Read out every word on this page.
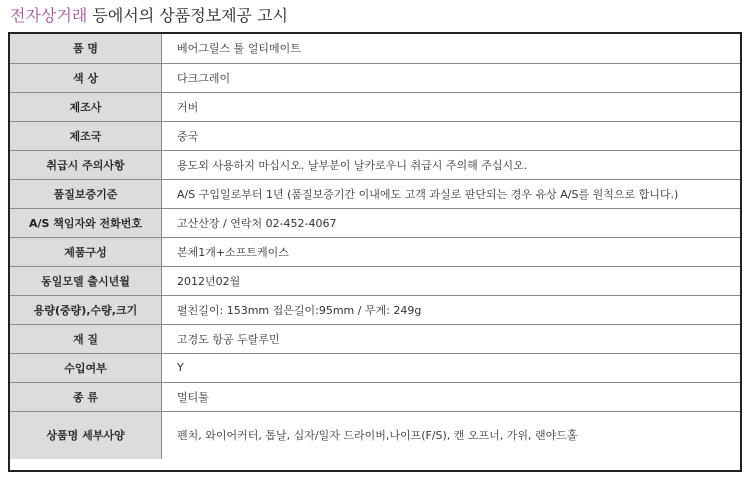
전자상거래 등에서의 상품정보제공 고시
품 명	베어그릴스 툴 얼티메이트
색 상	다크그레이
제조사	거버
제조국	중국
취급시 주의사항	용도외 사용하지 마십시오. 날부분이 날카로우니 취급시 주의해 주십시오.
품질보증기준	A/S 구입일로부터 1년 (품질보증기간 이내에도 고객 과실로 판단되는 경우 유상 A/S를 원칙으로 합니다.)
A/S 책임자와 전화번호	고산산장 / 연락처 02-452-4067
제품구성	본체1개+소프트케이스
동일모델 출시년월	2012년02월
용량(중량),수량,크기	펼친길이: 153mm 접은길이:95mm / 무게: 249g
재 질	고경도 항공 두랄루민
수입여부	Y
종 류	멀티툴
상품명 세부사양	펜치, 와이어커터, 톱날, 십자/일자 드라이버,나이프(F/S), 캔 오프너, 가위, 랜야드홀
